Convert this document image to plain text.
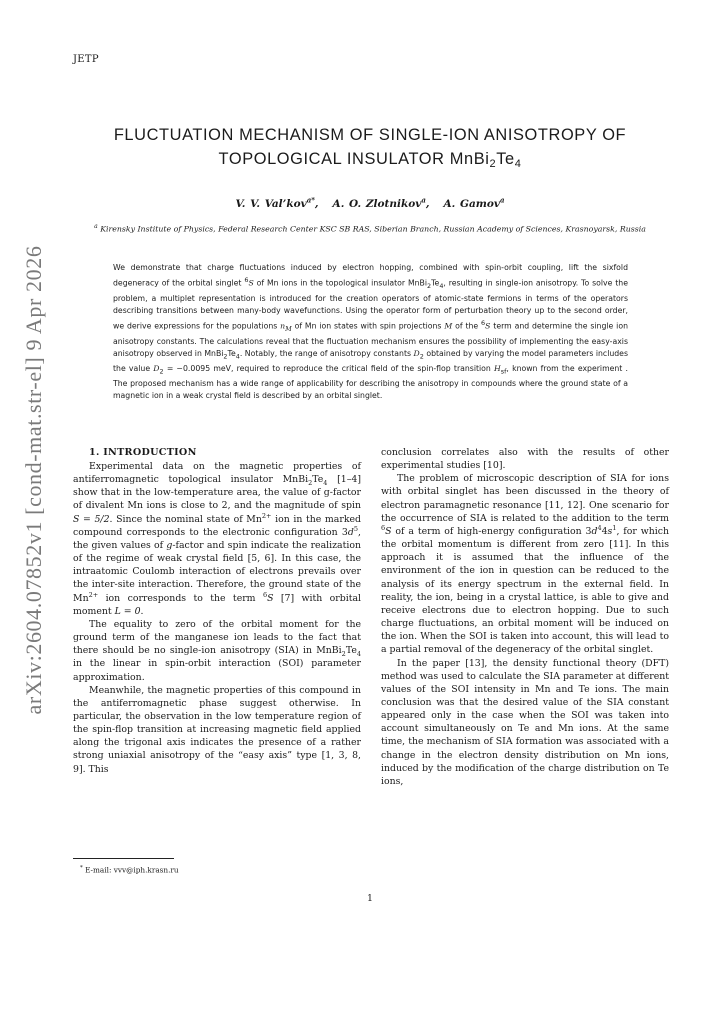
JETP
arXiv:2604.07852v1 [cond-mat.str-el] 9 Apr 2026
FLUCTUATION MECHANISM OF SINGLE-ION ANISOTROPY OF
TOPOLOGICAL INSULATOR $MnBi_2Te_4$
V. V. Val’kov$^{a*}$,   A. O. Zlotnikov$^a$,   A. Gamov$^a$
$^a$ Kirensky Institute of Physics, Federal Research Center KSC SB RAS, Siberian Branch, Russian Academy of Sciences, Krasnoyarsk, Russia
We demonstrate that charge fluctuations induced by electron hopping, combined with spin-orbit coupling, lift the sixfold degeneracy of the orbital singlet $^6$S of Mn ions in the topological insulator $MnBi_2Te_4$, resulting in single-ion anisotropy. To solve the problem, a multiplet representation is introduced for the creation operators of atomic-state fermions in terms of the operators describing transitions between many-body wavefunctions. Using the operator form of perturbation theory up to the second order, we derive expressions for the populations $n_M$ of Mn ion states with spin projections M of the $^6$S term and determine the single ion anisotropy constants. The calculations reveal that the fluctuation mechanism ensures the possibility of implementing the easy-axis anisotropy observed in $MnBi_2Te_4$. Notably, the range of anisotropy constants $D_2$ obtained by varying the model parameters includes the value $D_2 = -0.0095$ meV, required to reproduce the critical field of the spin-flop transition $H_{sf}$, known from the experiment . The proposed mechanism has a wide range of applicability for describing the anisotropy in compounds where the ground state of a magnetic ion in a weak crystal field is described by an orbital singlet.
1. INTRODUCTION

Experimental data on the magnetic properties of antiferromagnetic topological insulator $MnBi_2Te_4$ [1–4] show that in the low-temperature area, the value of g-factor of divalent Mn ions is close to 2, and the magnitude of spin S = 5/2. Since the nominal state of $Mn^{2+}$ ion in the marked compound corresponds to the electronic configuration $3d^5$, the given values of g-factor and spin indicate the realization of the regime of weak crystal field [5, 6]. In this case, the intraatomic Coulomb interaction of electrons prevails over the inter-site interaction. Therefore, the ground state of the $Mn^{2+}$ ion corresponds to the term $^6$S [7] with orbital moment L = 0.

The equality to zero of the orbital moment for the ground term of the manganese ion leads to the fact that there should be no single-ion anisotropy (SIA) in $MnBi_2Te_4$ in the linear in spin-orbit interaction (SOI) parameter approximation.

Meanwhile, the magnetic properties of this compound in the antiferromagnetic phase suggest otherwise. In particular, the observation in the low temperature region of the spin-flop transition at increasing magnetic field applied along the trigonal axis indicates the presence of a rather strong uniaxial anisotropy of the “easy axis” type [1, 3, 8, 9]. This

conclusion correlates also with the results of other experimental studies [10].

The problem of microscopic description of SIA for ions with orbital singlet has been discussed in the theory of electron paramagnetic resonance [11, 12]. One scenario for the occurrence of SIA is related to the addition to the term $^6$S of a term of high-energy configuration $3d^44s^1$, for which the orbital momentum is different from zero [11]. In this approach it is assumed that the influence of the environment of the ion in question can be reduced to the analysis of its energy spectrum in the external field. In reality, the ion, being in a crystal lattice, is able to give and receive electrons due to electron hopping. Due to such charge fluctuations, an orbital moment will be induced on the ion. When the SOI is taken into account, this will lead to a partial removal of the degeneracy of the orbital singlet.

In the paper [13], the density functional theory (DFT) method was used to calculate the SIA parameter at different values of the SOI intensity in Mn and Te ions. The main conclusion was that the desired value of the SIA constant appeared only in the case when the SOI was taken into account simultaneously on Te and Mn ions. At the same time, the mechanism of SIA formation was associated with a change in the electron density distribution on Mn ions, induced by the modification of the charge distribution on Te ions,

* E-mail: vvv@iph.krasn.ru
1
